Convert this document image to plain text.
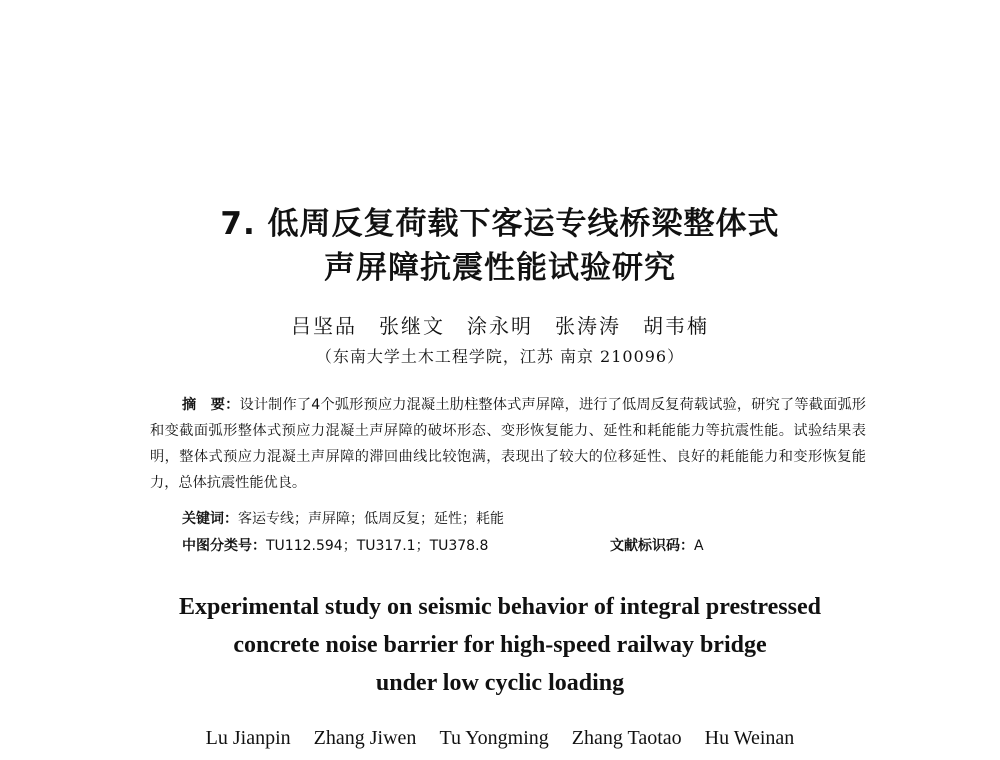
7. 低周反复荷载下客运专线桥梁整体式
声屏障抗震性能试验研究
吕坚品　张继文　涂永明　张涛涛　胡韦楠
（东南大学土木工程学院，江苏 南京 210096）
摘　要：设计制作了4个弧形预应力混凝土肋柱整体式声屏障，进行了低周反复荷载试验，研究了等截面弧形和变截面弧形整体式预应力混凝土声屏障的破坏形态、变形恢复能力、延性和耗能能力等抗震性能。试验结果表明，整体式预应力混凝土声屏障的滞回曲线比较饱满，表现出了较大的位移延性、良好的耗能能力和变形恢复能力，总体抗震性能优良。
关键词：客运专线；声屏障；低周反复；延性；耗能
中图分类号：TU112.594；TU317.1；TU378.8	文献标识码：A
Experimental study on seismic behavior of integral prestressed
concrete noise barrier for high-speed railway bridge
under low cyclic loading
Lu Jianpin Zhang Jiwen Tu Yongming Zhang Taotao Hu Weinan
